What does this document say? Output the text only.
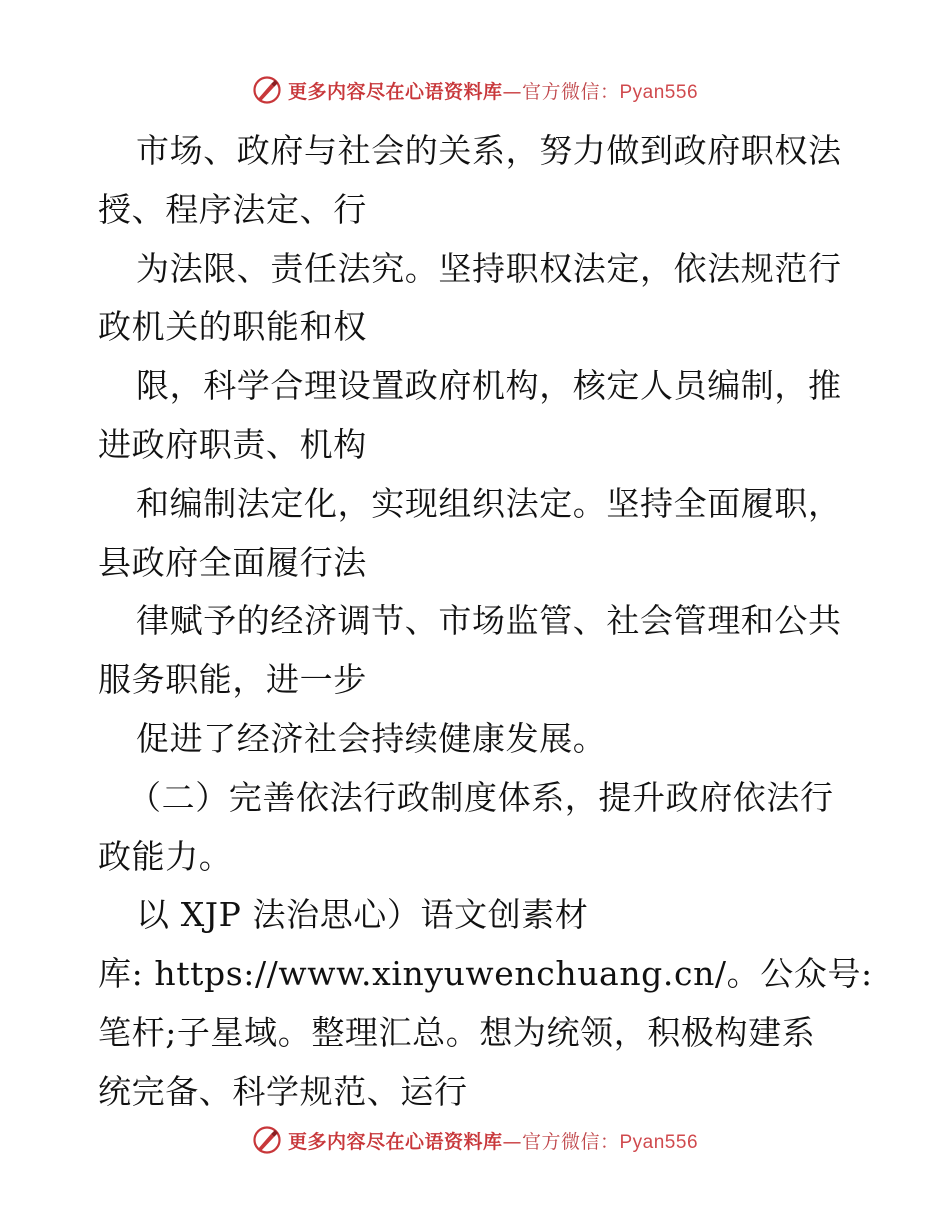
更多内容尽在心语资料库—官方微信：Pyan556
市场、政府与社会的关系，努力做到政府职权法
授、程序法定、行
为法限、责任法究。坚持职权法定，依法规范行
政机关的职能和权
限，科学合理设置政府机构，核定人员编制，推
进政府职责、机构
和编制法定化，实现组织法定。坚持全面履职，
县政府全面履行法
律赋予的经济调节、市场监管、社会管理和公共
服务职能，进一步
促进了经济社会持续健康发展。
（二）完善依法行政制度体系，提升政府依法行
政能力。
以 XJP 法治思心）语文创素材
库: https://www.xinyuwenchuang.cn/。公众号:
笔杆;子星域。整理汇总。想为统领，积极构建系
统完备、科学规范、运行
更多内容尽在心语资料库—官方微信：Pyan556
